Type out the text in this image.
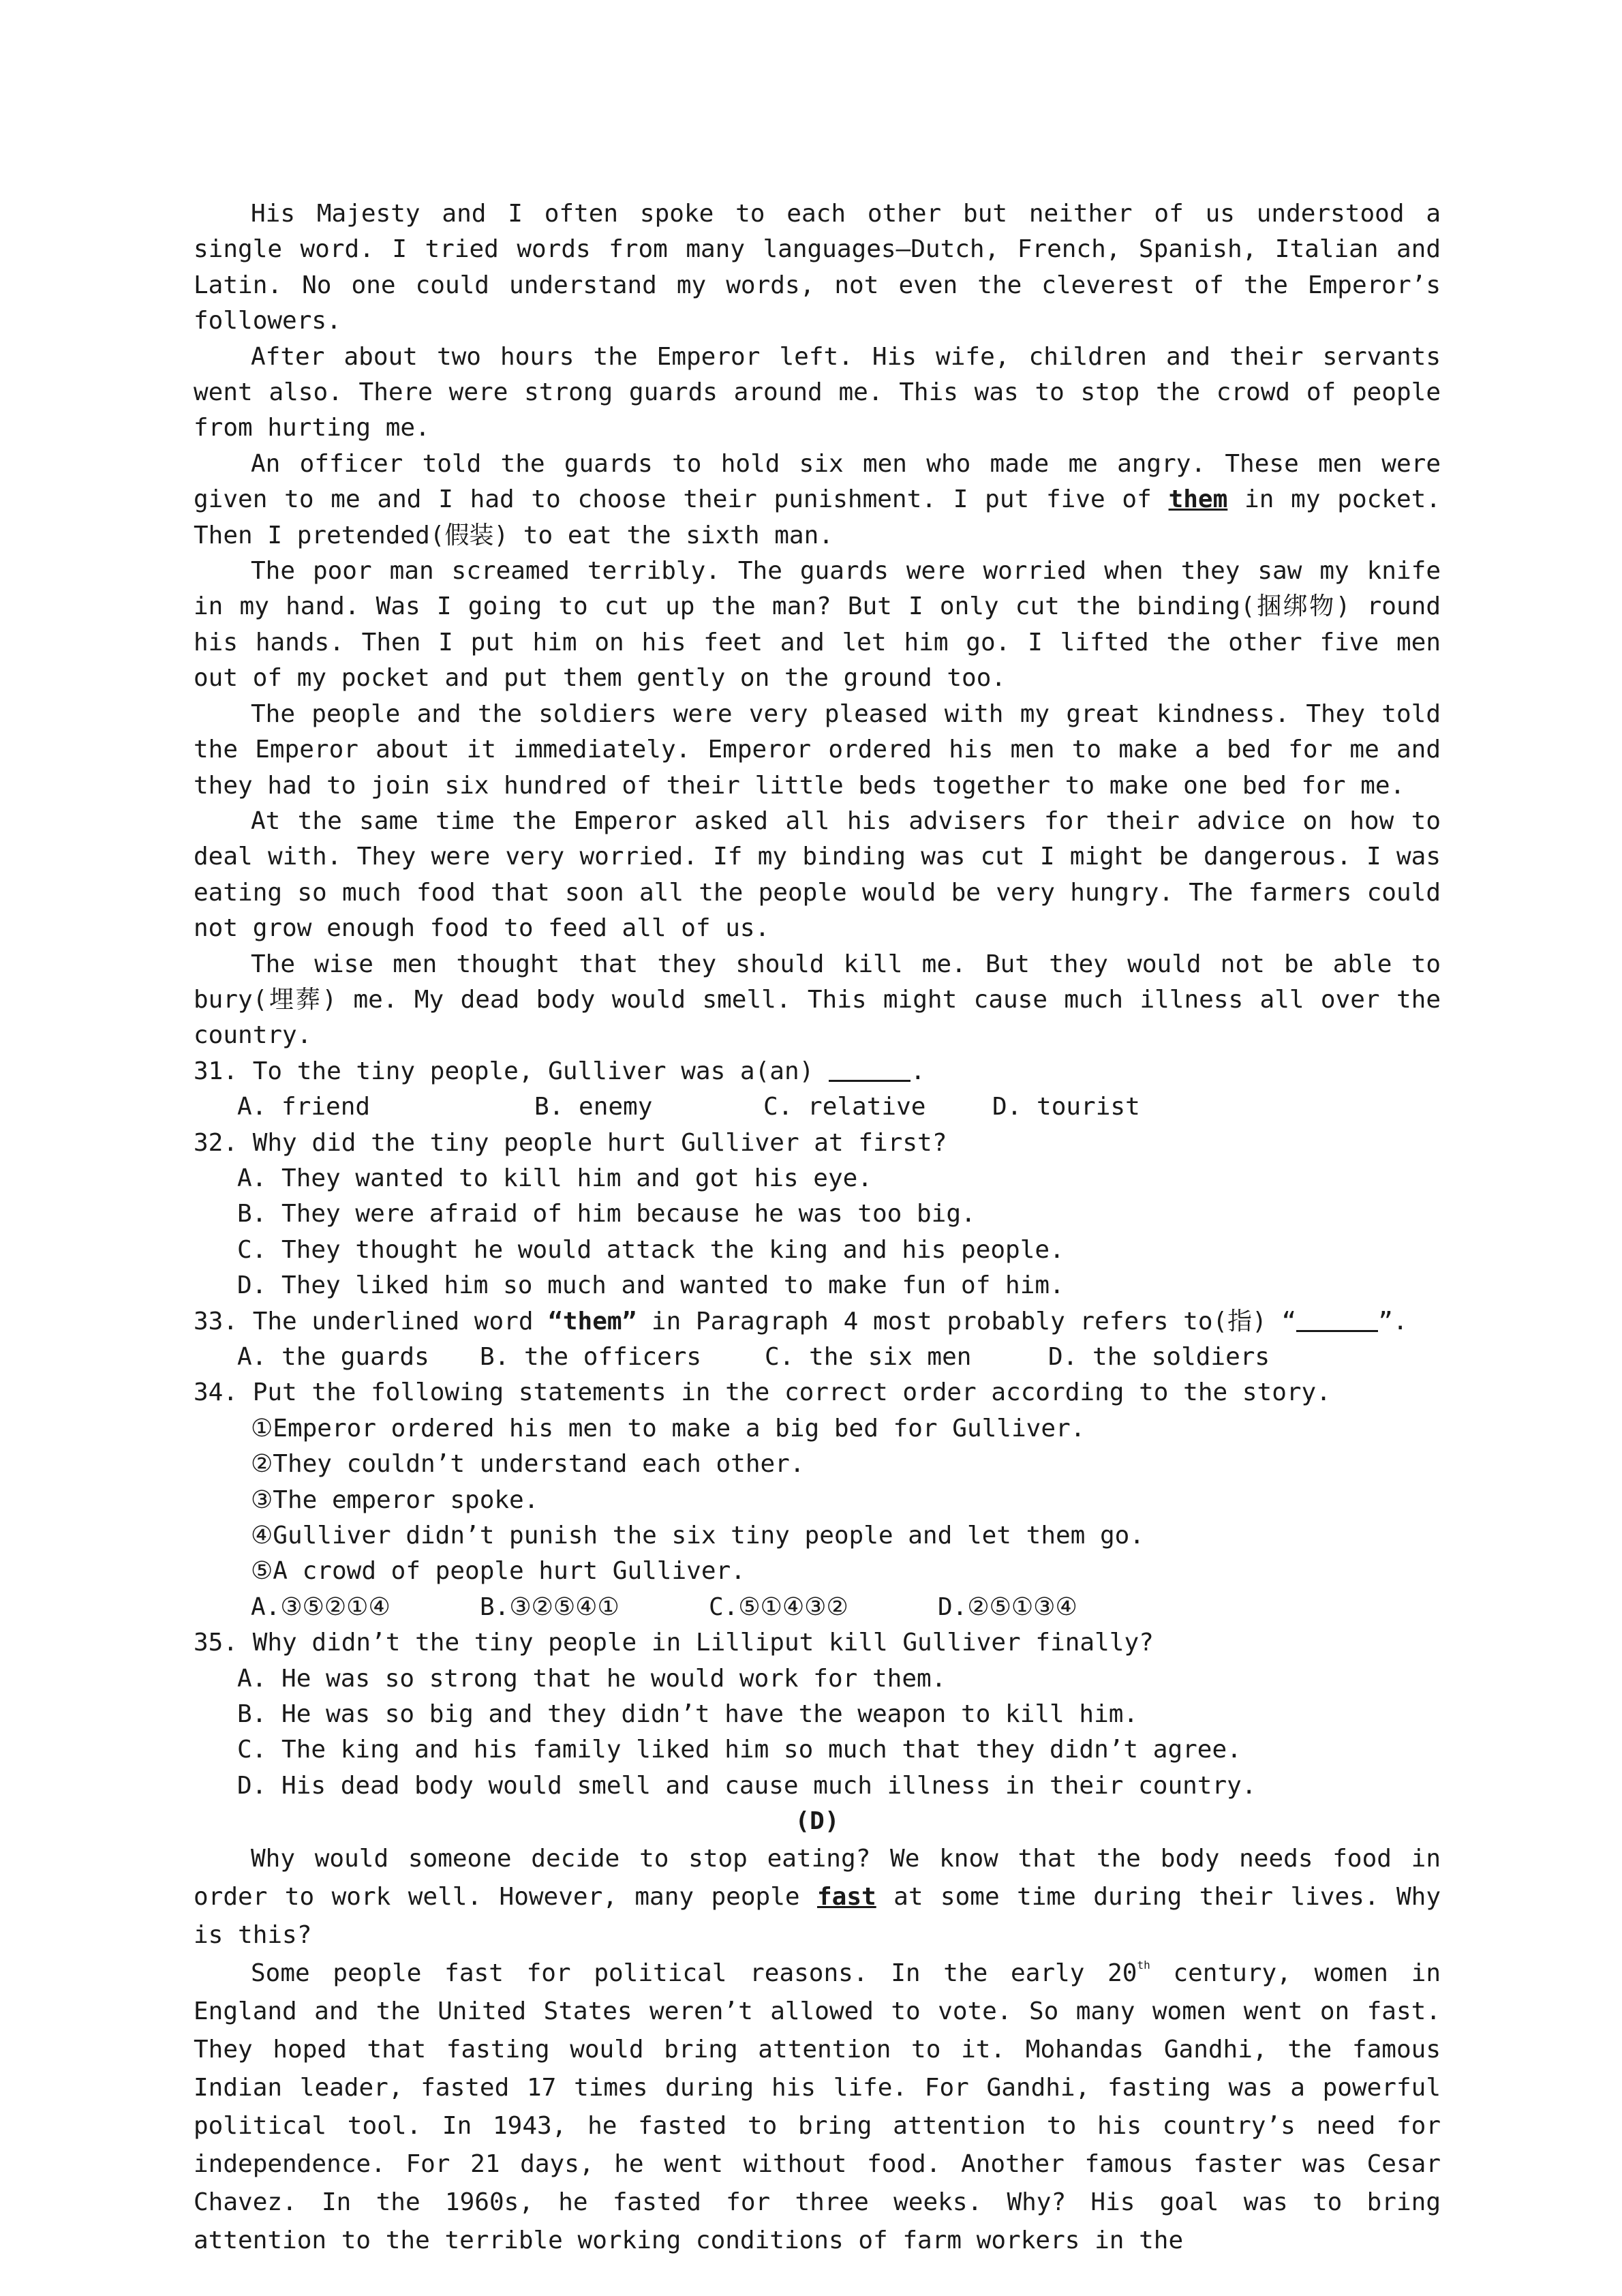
His Majesty and I often spoke to each other but neither of us understood a single word. I tried words from many languages—Dutch, French, Spanish, Italian and Latin. No one could understand my words, not even the cleverest of the Emperor’s followers.
After about two hours the Emperor left. His wife, children and their servants went also. There were strong guards around me. This was to stop the crowd of people from hurting me.
An officer told the guards to hold six men who made me angry. These men were given to me and I had to choose their punishment. I put five of them in my pocket. Then I pretended(假装) to eat the sixth man.
The poor man screamed terribly. The guards were worried when they saw my knife in my hand. Was I going to cut up the man? But I only cut the binding(捆绑物) round his hands. Then I put him on his feet and let him go. I lifted the other five men out of my pocket and put them gently on the ground too.
The people and the soldiers were very pleased with my great kindness. They told the Emperor about it immediately. Emperor ordered his men to make a bed for me and they had to join six hundred of their little beds together to make one bed for me.
At the same time the Emperor asked all his advisers for their advice on how to deal with. They were very worried. If my binding was cut I might be dangerous. I was eating so much food that soon all the people would be very hungry. The farmers could not grow enough food to feed all of us.
The wise men thought that they should kill me. But they would not be able to bury(埋葬) me. My dead body would smell. This might cause much illness all over the country.
31. To the tiny people, Gulliver was a(an)	.
A. friend	B. enemy	C. relative	D. tourist
32. Why did the tiny people hurt Gulliver at first?
A. They wanted to kill him and got his eye.
B. They were afraid of him because he was too big.
C. They thought he would attack the king and his people.
D. They liked him so much and wanted to make fun of him.
33. The underlined word “them” in Paragraph 4 most probably refers to(指) “	”.
A. the guards	B. the officers	C. the six men	D. the soldiers
34. Put the following statements in the correct order according to the story.
①Emperor ordered his men to make a big bed for Gulliver.
②They couldn’t understand each other.
③The emperor spoke.
④Gulliver didn’t punish the six tiny people and let them go.
⑤A crowd of people hurt Gulliver.
A.③⑤②①④	B.③②⑤④①	C.⑤①④③②	D.②⑤①③④
35. Why didn’t the tiny people in Lilliput kill Gulliver finally?
A. He was so strong that he would work for them.
B. He was so big and they didn’t have the weapon to kill him.
C. The king and his family liked him so much that they didn’t agree.
D. His dead body would smell and cause much illness in their country.
(D)
Why would someone decide to stop eating? We know that the body needs food in order to work well. However, many people fast at some time during their lives. Why is this?
Some people fast for political reasons. In the early 20th century, women in England and the United States weren’t allowed to vote. So many women went on fast. They hoped that fasting would bring attention to it. Mohandas Gandhi, the famous Indian leader, fasted 17 times during his life. For Gandhi, fasting was a powerful political tool. In 1943, he fasted to bring attention to his country’s need for independence. For 21 days, he went without food. Another famous faster was Cesar Chavez. In the 1960s, he fasted for three weeks. Why? His goal was to bring attention to the terrible working conditions of farm workers in the
